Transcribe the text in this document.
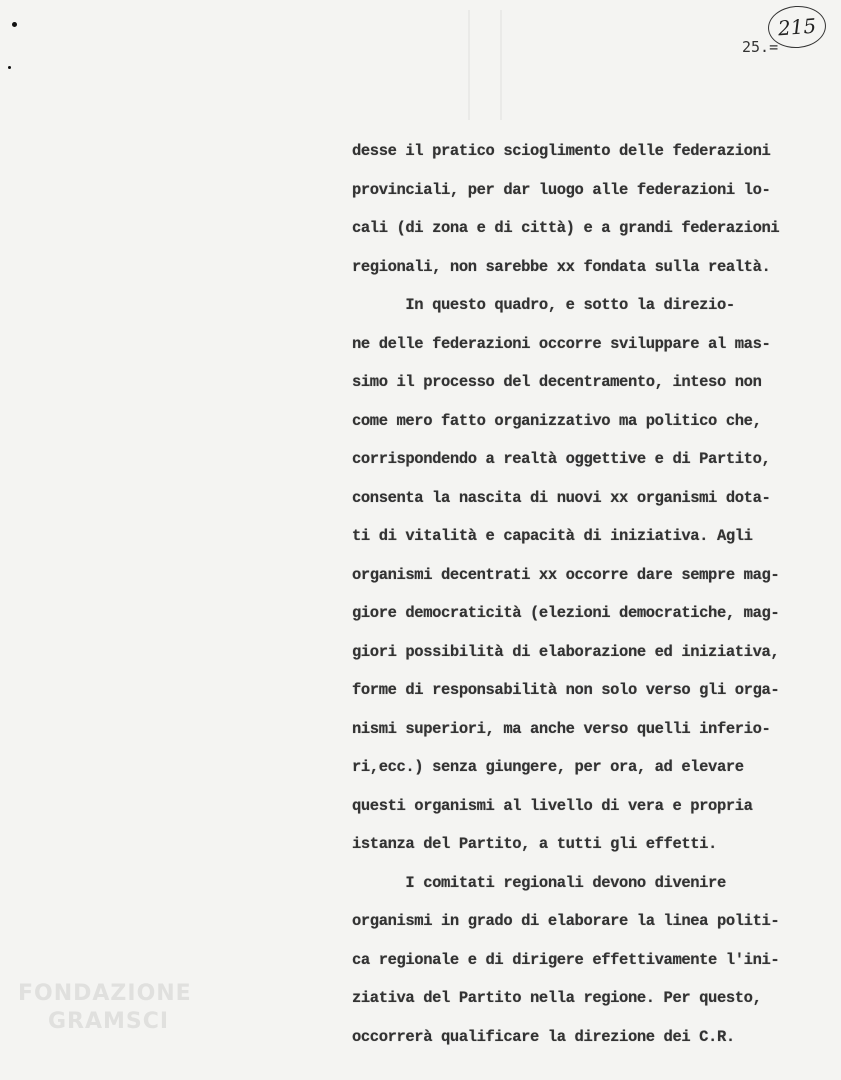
215
25.=
desse il pratico scioglimento delle federazioni
provinciali, per dar luogo alle federazioni lo-
cali (di zona e di città) e a grandi federazioni
regionali, non sarebbe xx fondata sulla realtà.
In questo quadro, e sotto la direzio-
ne delle federazioni occorre sviluppare al mas-
simo il processo del decentramento, inteso non
come mero fatto organizzativo ma politico che,
corrispondendo a realtà oggettive e di Partito,
consenta la nascita di nuovi xx organismi dota-
ti di vitalità e capacità di iniziativa. Agli
organismi decentrati xx occorre dare sempre mag-
giore democraticità (elezioni democratiche, mag-
giori possibilità di elaborazione ed iniziativa,
forme di responsabilità non solo verso gli orga-
nismi superiori, ma anche verso quelli inferio-
ri,ecc.) senza giungere, per ora, ad elevare
questi organismi al livello di vera e propria
istanza del Partito, a tutti gli effetti.
I comitati regionali devono divenire
organismi in grado di elaborare la linea politi-
ca regionale e di dirigere effettivamente l'ini-
ziativa del Partito nella regione. Per questo,
occorrerà qualificare la direzione dei C.R.
FONDAZIONE
GRAMSCI
